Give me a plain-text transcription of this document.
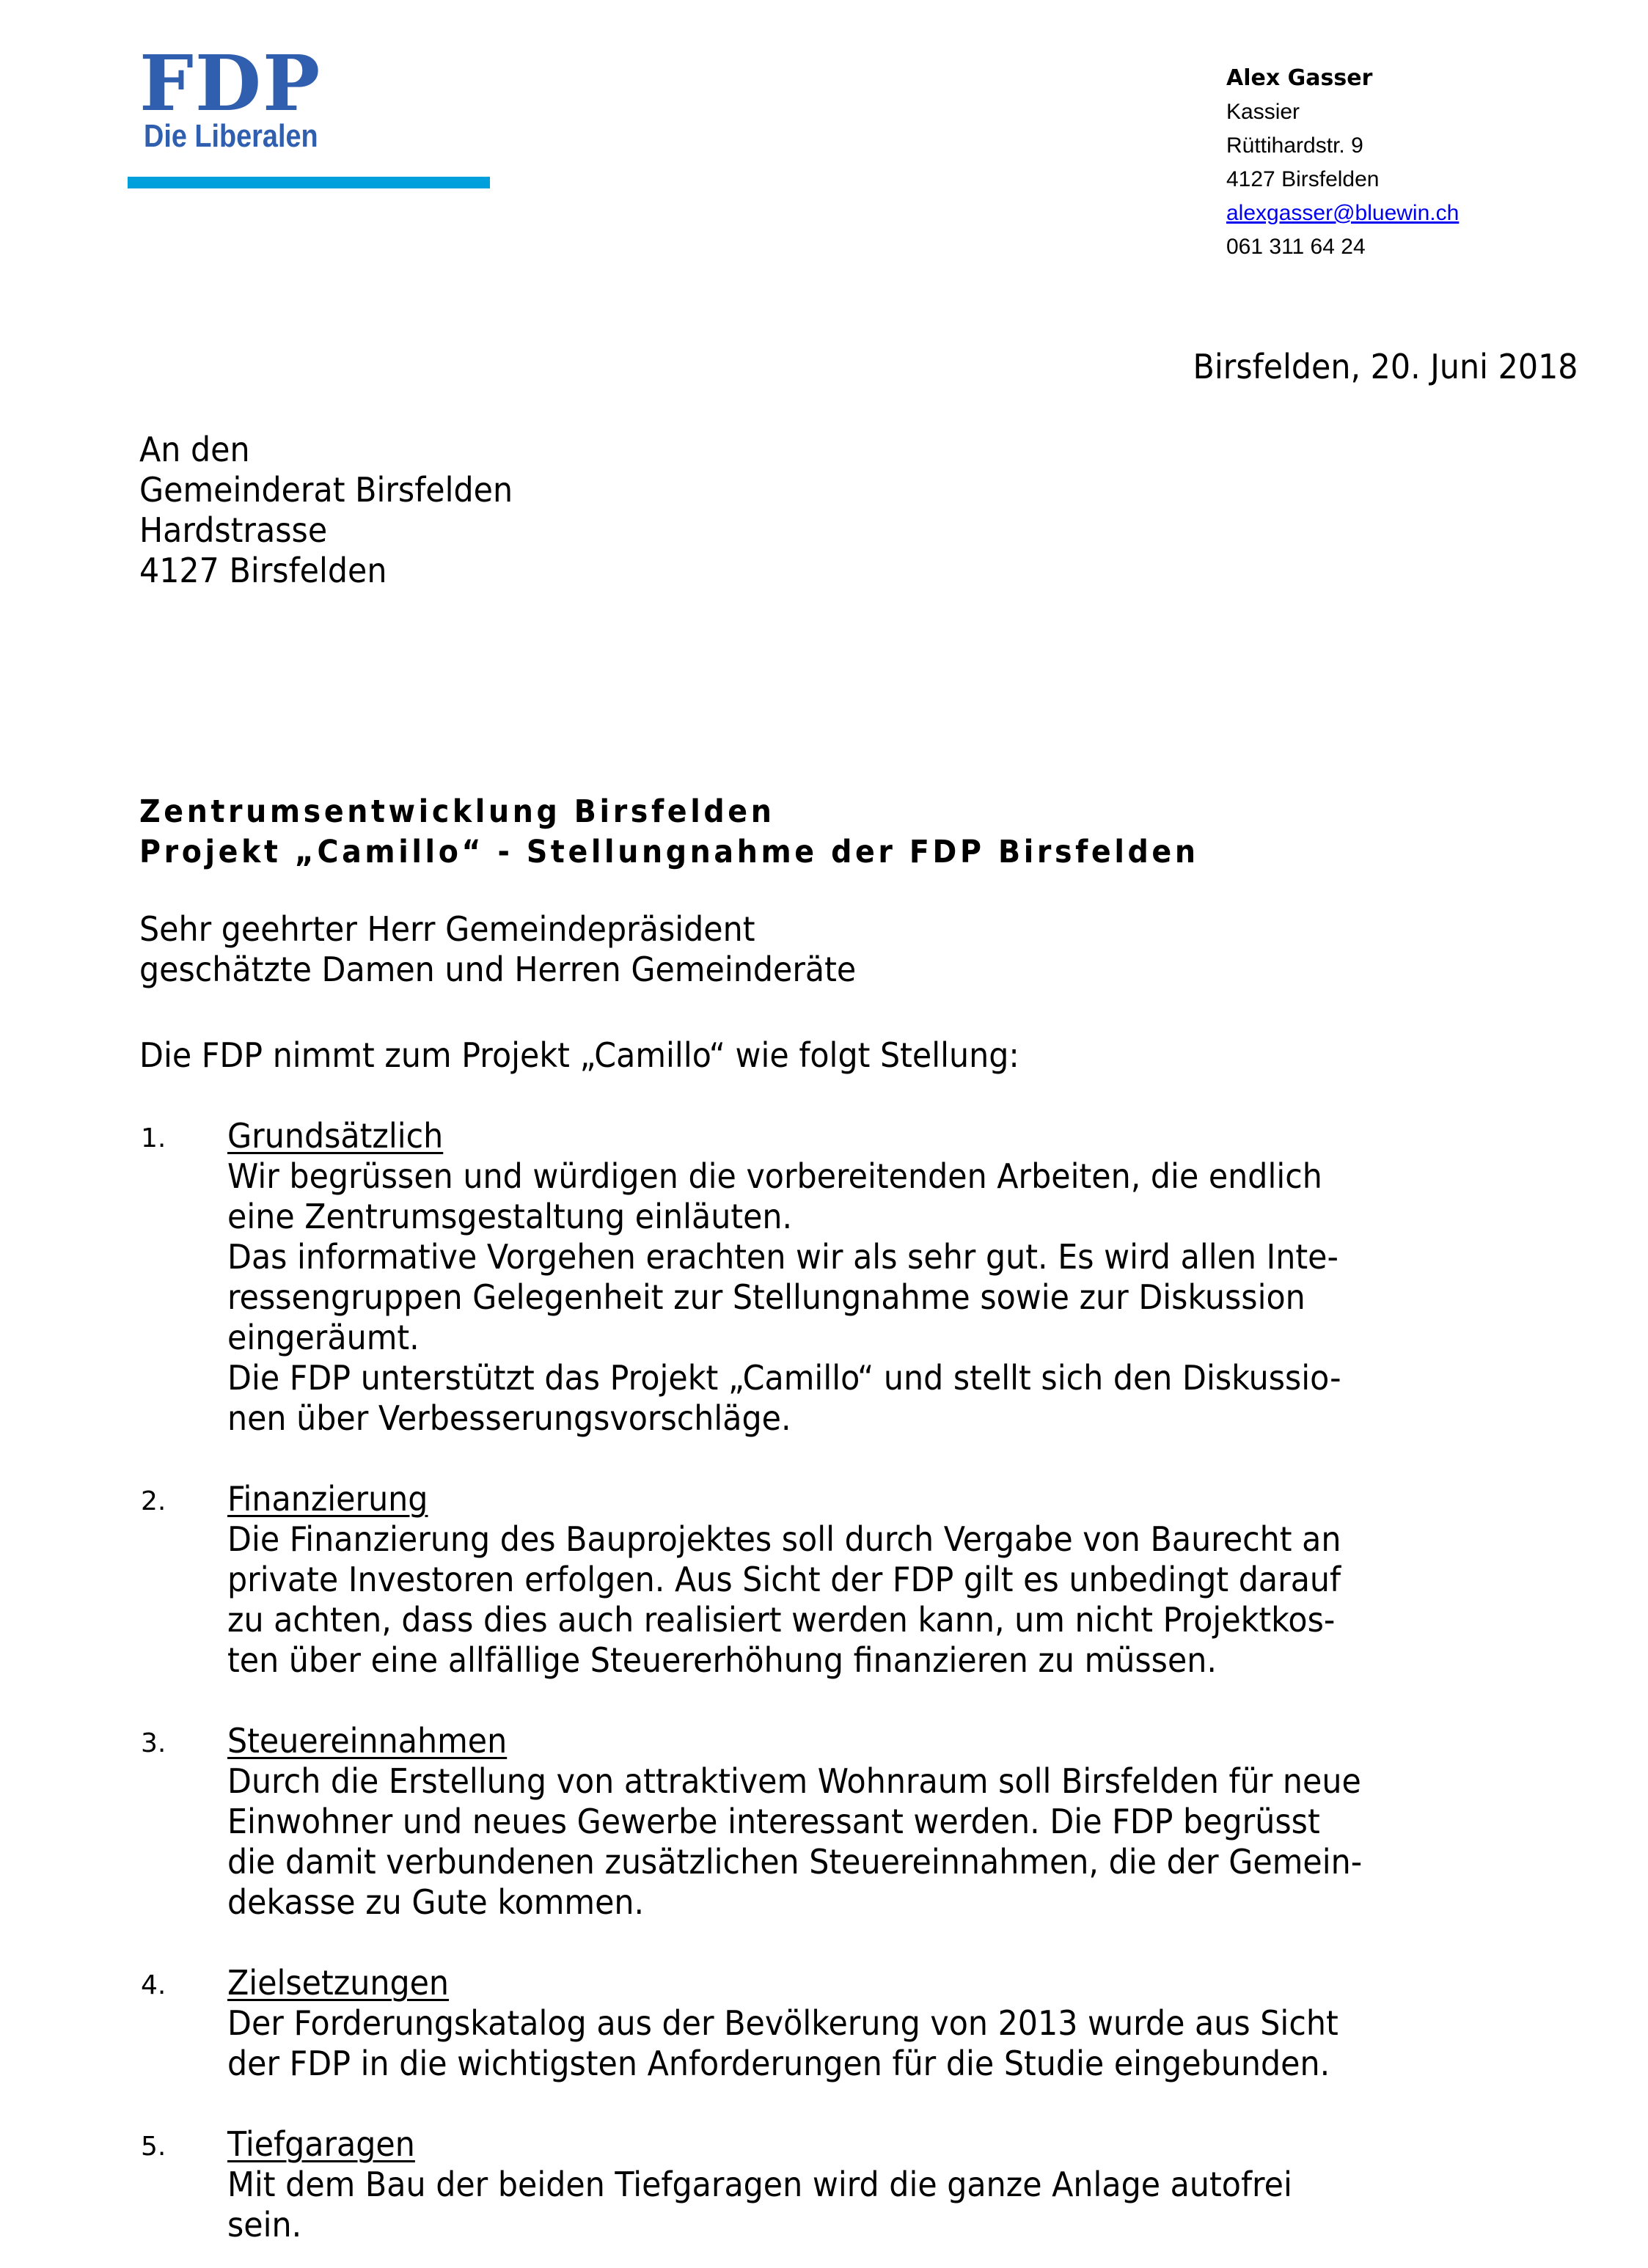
FDP
Die Liberalen
Alex Gasser
Kassier
Rüttihardstr. 9
4127 Birsfelden
alexgasser@bluewin.ch
061 311 64 24
Birsfelden, 20. Juni 2018
An den
Gemeinderat Birsfelden
Hardstrasse
4127 Birsfelden
Zentrumsentwicklung Birsfelden
Projekt „Camillo“ - Stellungnahme der FDP Birsfelden
Sehr geehrter Herr Gemeindepräsident
geschätzte Damen und Herren Gemeinderäte
Die FDP nimmt zum Projekt „Camillo“ wie folgt Stellung:
1. Grundsätzlich
Wir begrüssen und würdigen die vorbereitenden Arbeiten, die endlich
eine Zentrumsgestaltung einläuten.
Das informative Vorgehen erachten wir als sehr gut. Es wird allen Inte-
ressengruppen Gelegenheit zur Stellungnahme sowie zur Diskussion
eingeräumt.
Die FDP unterstützt das Projekt „Camillo“ und stellt sich den Diskussio-
nen über Verbesserungsvorschläge.
2. Finanzierung
Die Finanzierung des Bauprojektes soll durch Vergabe von Baurecht an
private Investoren erfolgen. Aus Sicht der FDP gilt es unbedingt darauf
zu achten, dass dies auch realisiert werden kann, um nicht Projektkos-
ten über eine allfällige Steuererhöhung finanzieren zu müssen.
3. Steuereinnahmen
Durch die Erstellung von attraktivem Wohnraum soll Birsfelden für neue
Einwohner und neues Gewerbe interessant werden. Die FDP begrüsst
die damit verbundenen zusätzlichen Steuereinnahmen, die der Gemein-
dekasse zu Gute kommen.
4. Zielsetzungen
Der Forderungskatalog aus der Bevölkerung von 2013 wurde aus Sicht
der FDP in die wichtigsten Anforderungen für die Studie eingebunden.
5. Tiefgaragen
Mit dem Bau der beiden Tiefgaragen wird die ganze Anlage autofrei
sein.
